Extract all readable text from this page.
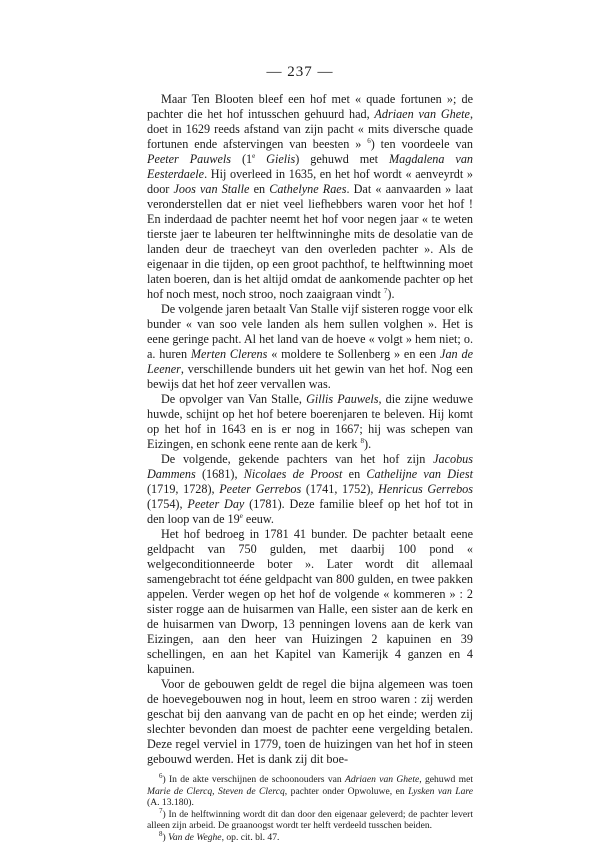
— 237 —
Maar Ten Blooten bleef een hof met « quade fortunen »; de pachter die het hof intusschen gehuurd had, Adriaen van Ghete, doet in 1629 reeds afstand van zijn pacht « mits diversche quade fortunen ende afstervingen van beesten » $^6$) ten voordeele van Peeter Pauwels (1e Gielis) gehuwd met Magdalena van Eesterdaele. Hij overleed in 1635, en het hof wordt « aenveyrdt » door Joos van Stalle en Cathelyne Raes. Dat « aanvaarden » laat veronderstellen dat er niet veel liefhebbers waren voor het hof ! En inderdaad de pachter neemt het hof voor negen jaar « te weten tierste jaer te labeuren ter helftwinninghe mits de desolatie van de landen deur de traecheyt van den overleden pachter ». Als de eigenaar in die tijden, op een groot pachthof, te helftwinning moet laten boeren, dan is het altijd omdat de aankomende pachter op het hof noch mest, noch stroo, noch zaaigraan vindt $^7$).
De volgende jaren betaalt Van Stalle vijf sisteren rogge voor elk bunder « van soo vele landen als hem sullen volghen ». Het is eene geringe pacht. Al het land van de hoeve « volgt » hem niet; o. a. huren Merten Clerens « moldere te Sollenberg » en een Jan de Leener, verschillende bunders uit het gewin van het hof. Nog een bewijs dat het hof zeer vervallen was.
De opvolger van Van Stalle, Gillis Pauwels, die zijne weduwe huwde, schijnt op het hof betere boerenjaren te beleven. Hij komt op het hof in 1643 en is er nog in 1667; hij was schepen van Eizingen, en schonk eene rente aan de kerk $^8$).
De volgende, gekende pachters van het hof zijn Jacobus Dammens (1681), Nicolaes de Proost en Cathelijne van Diest (1719, 1728), Peeter Gerrebos (1741, 1752), Henricus Gerrebos (1754), Peeter Day (1781). Deze familie bleef op het hof tot in den loop van de 19e eeuw.
Het hof bedroeg in 1781 41 bunder. De pachter betaalt eene geldpacht van 750 gulden, met daarbij 100 pond « welgeconditionneerde boter ». Later wordt dit allemaal samengebracht tot ééne geldpacht van 800 gulden, en twee pakken appelen. Verder wegen op het hof de volgende « kommeren » : 2 sister rogge aan de huisarmen van Halle, een sister aan de kerk en de huisarmen van Dworp, 13 penningen lovens aan de kerk van Eizingen, aan den heer van Huizingen 2 kapuinen en 39 schellingen, en aan het Kapitel van Kamerijk 4 ganzen en 4 kapuinen.
Voor de gebouwen geldt de regel die bijna algemeen was toen de hoevegebouwen nog in hout, leem en stroo waren : zij werden geschat bij den aanvang van de pacht en op het einde; werden zij slechter bevonden dan moest de pachter eene vergelding betalen. Deze regel verviel in 1779, toen de huizingen van het hof in steen gebouwd werden. Het is dank zij dit boe-
$^6$) In de akte verschijnen de schoonouders van Adriaen van Ghete, gehuwd met Marie de Clercq, Steven de Clercq, pachter onder Opwoluwe, en Lysken van Lare (A. 13.180).
$^7$) In de helftwinning wordt dit dan door den eigenaar geleverd; de pachter levert alleen zijn arbeid. De graanoogst wordt ter helft verdeeld tusschen beiden.
$^8$) Van de Weghe, op. cit. bl. 47.
